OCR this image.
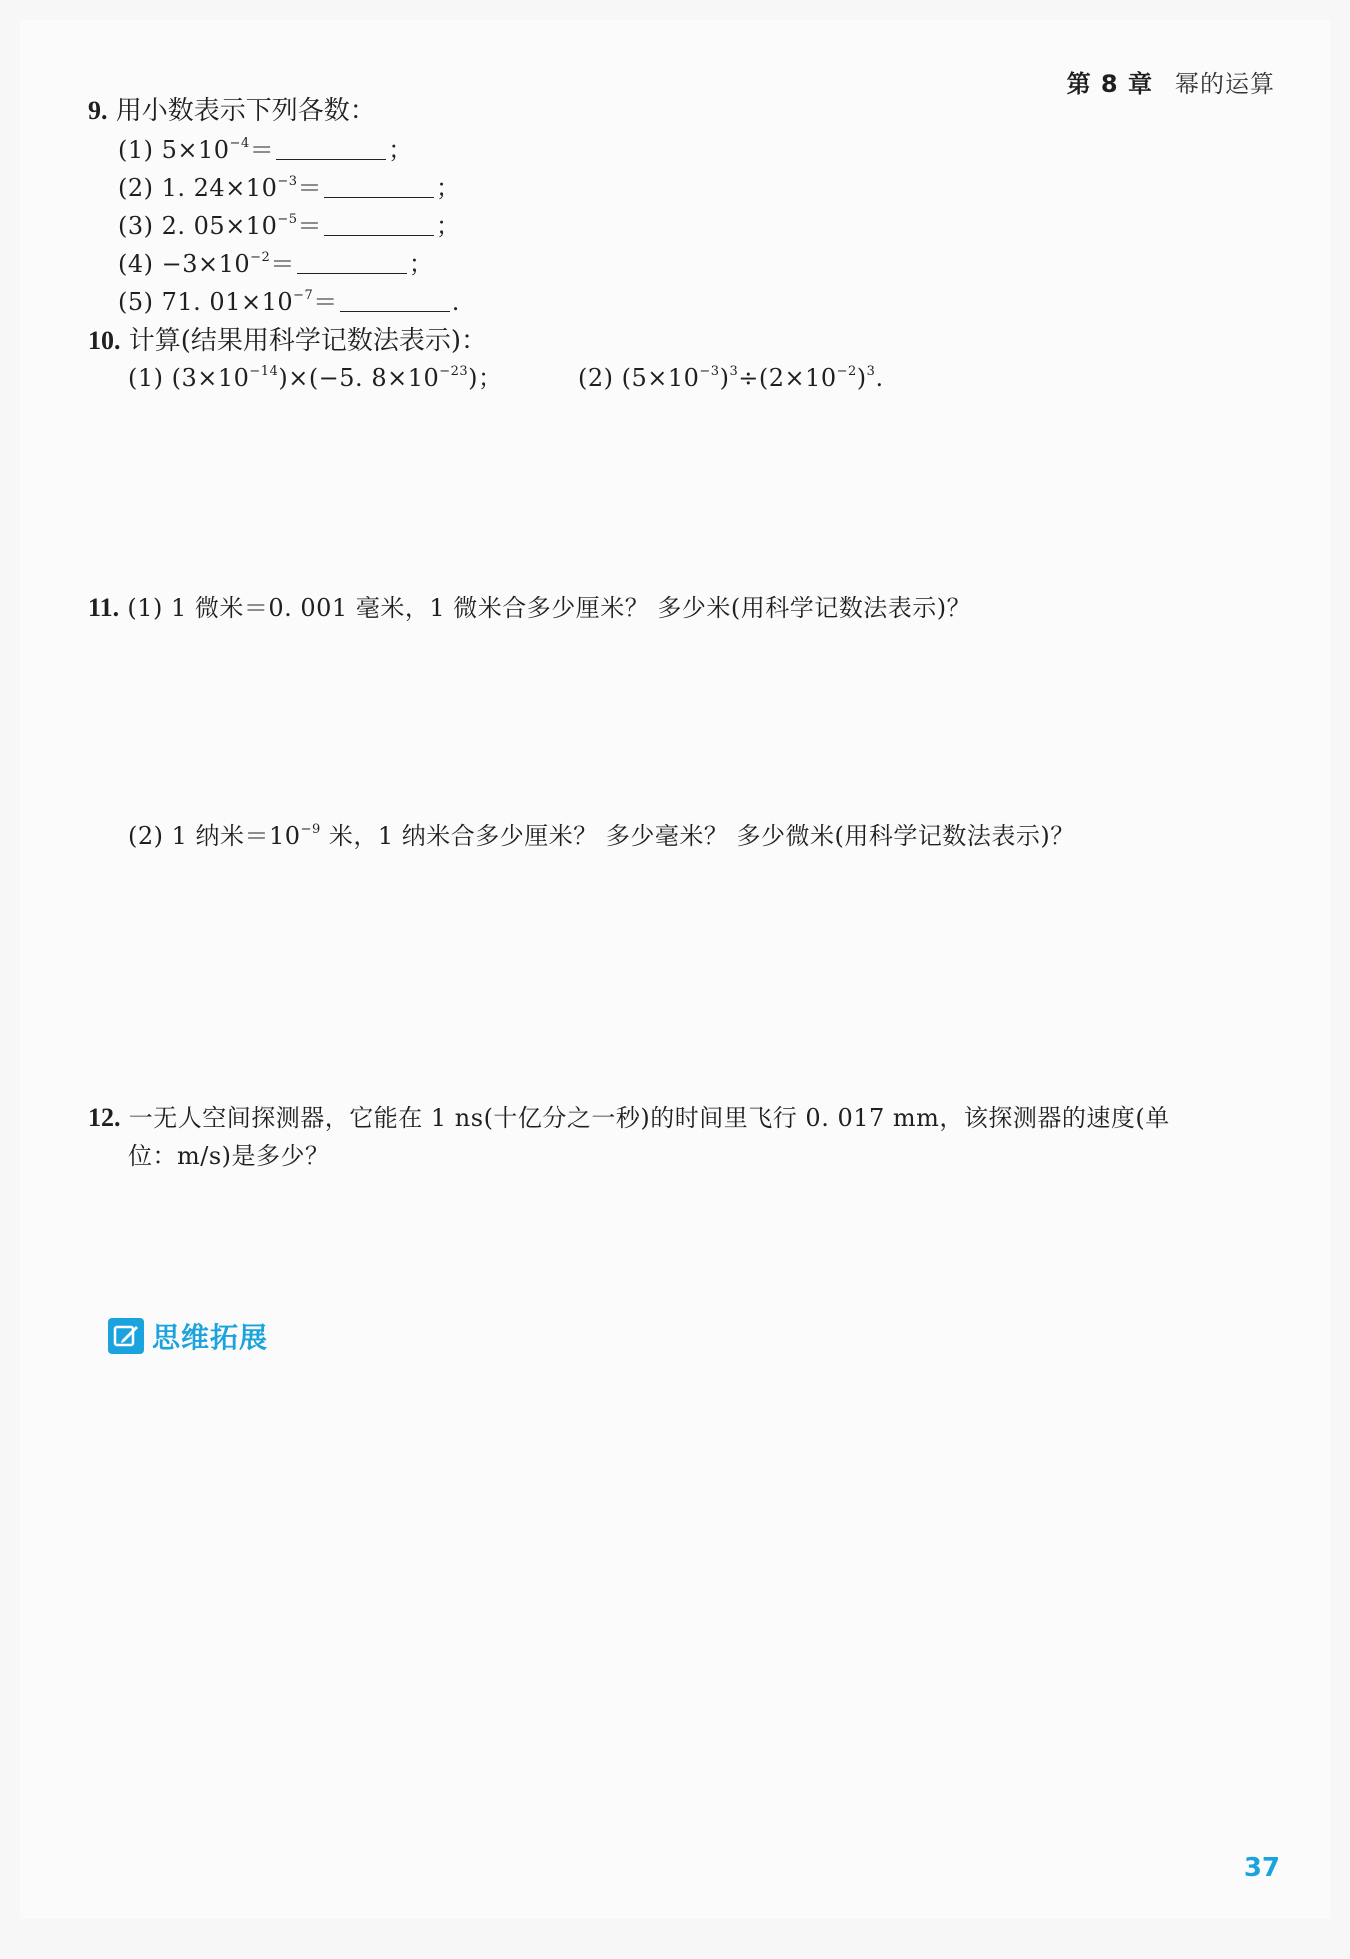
第 8 章 幂的运算
9. 用小数表示下列各数：
(1) $5\times 10^{-4}=$	；
(2) 1. $24\times 10^{-3}=$	；
(3) 2. $05\times 10^{-5}=$	；
$(4) -3\times 10^{-2}=$	；
(5) 71. $01\times 10^{-7}=$	.
10. 计算(结果用科学记数法表示)：
(1) $(3\times 10^{-14})\times(-5$. $8\times 10^{-23}$)；	(2) $(5\times 10^{-3})^3\div(2\times 10^{-2})^3$.
11. (1) 1 微米＝0. 001 毫米，1 微米合多少厘米？ 多少米(用科学记数法表示)？
(2) 1 纳米$=10^{-9}$ 米，1 纳米合多少厘米？ 多少毫米？ 多少微米(用科学记数法表示)？
思维拓展
12. 一无人空间探测器，它能在 1 ns(十亿分之一秒)的时间里飞行 0. 017 mm，该探测器的速度(单
位：m/s)是多少？
37
